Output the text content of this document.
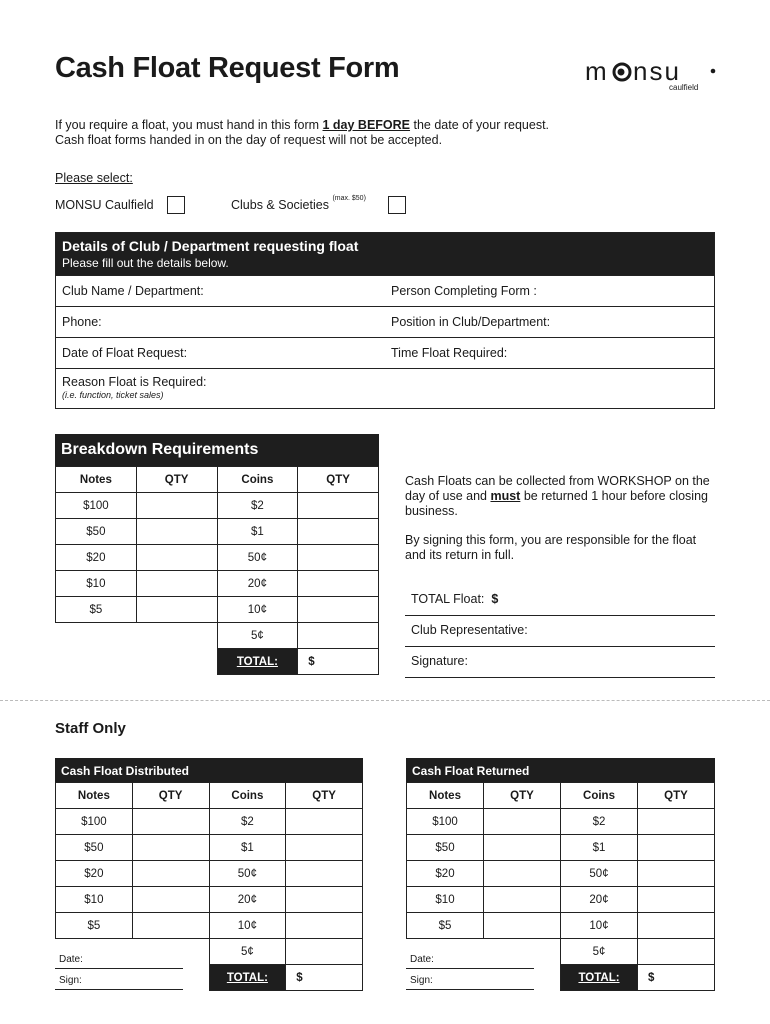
Cash Float Request Form	m nsu
caulfield
If you require a float, you must hand in this form 1 day BEFORE the date of your request.
Cash float forms handed in on the day of request will not be accepted.
Please select:
MONSU Caulfield	Clubs & Societies $^{(max. \$50)}$
Details of Club / Department requesting float
Please fill out the details below.
Club Name / Department:	Person Completing Form :
Phone:	Position in Club/Department:
Date of Float Request:	Time Float Required:
Reason Float is Required:
(i.e. function, ticket sales)
Breakdown Requirements
Notes	QTY	Coins	QTY
$100		$2	
$50		$1	
$20		50¢	
$10		20¢	
$5		10¢	
		5¢	
		TOTAL:	$

Cash Floats can be collected from WORKSHOP on the day of use and must be returned 1 hour before closing business.

By signing this form, you are responsible for the float and its return in full.

TOTAL Float: $
Club Representative:
Signature:
Staff Only
Cash Float Distributed
Notes	QTY	Coins	QTY
$100		$2	
$50		$1	
$20		50¢	
$10		20¢	
$5		10¢	
		5¢	
		TOTAL:	$
Date:
Sign:
Cash Float Returned
Notes	QTY	Coins	QTY
$100		$2	
$50		$1	
$20		50¢	
$10		20¢	
$5		10¢	
		5¢	
		TOTAL:	$
Date:
Sign:
